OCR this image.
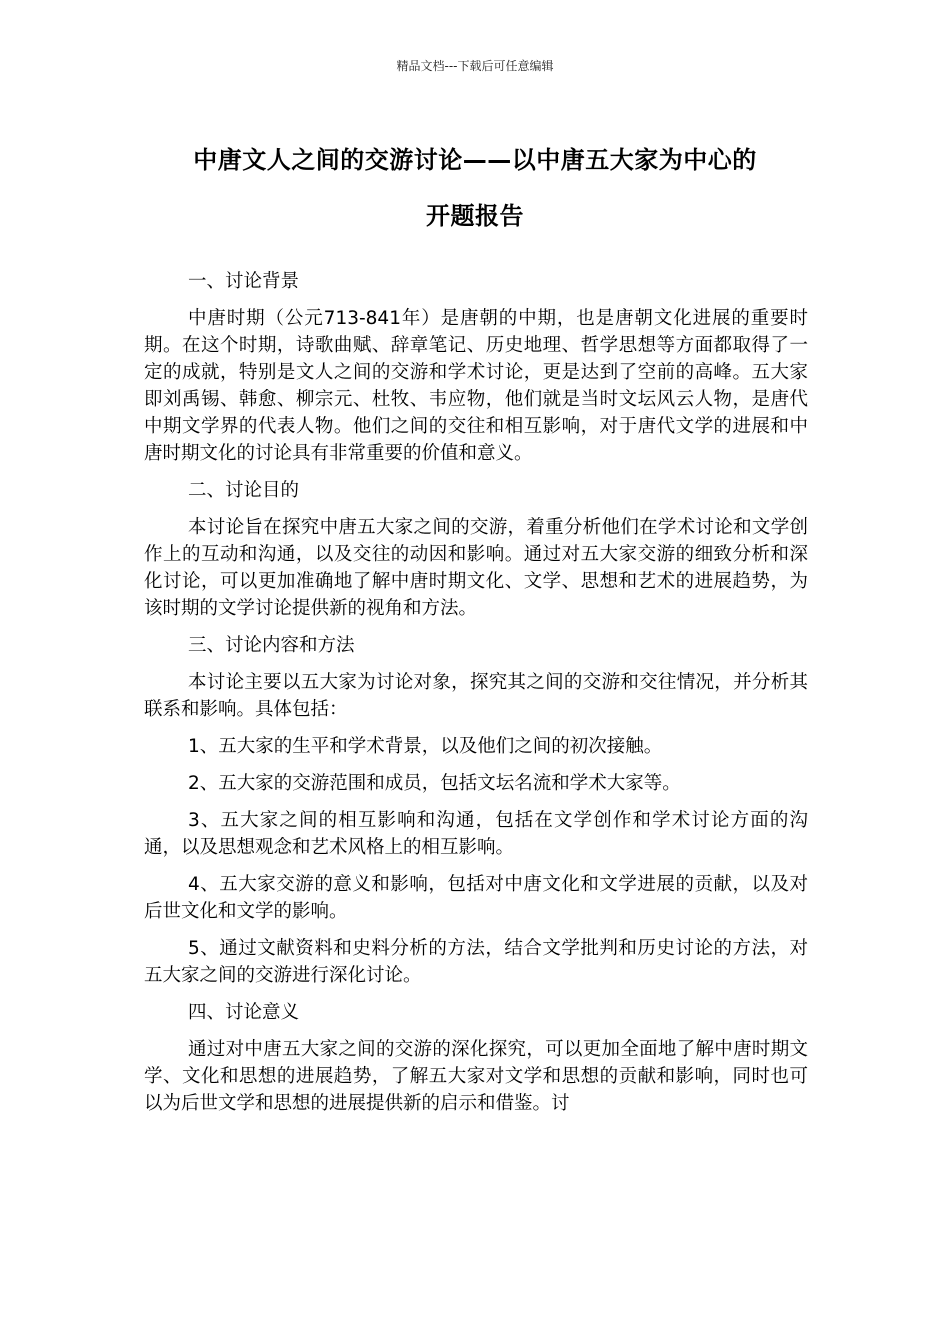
精品文档---下载后可任意编辑
中唐文人之间的交游讨论——以中唐五大家为中心的
开题报告
一、讨论背景

中唐时期（公元713-841年）是唐朝的中期，也是唐朝文化进展的重要时期。在这个时期，诗歌曲赋、辞章笔记、历史地理、哲学思想等方面都取得了一定的成就，特别是文人之间的交游和学术讨论，更是达到了空前的高峰。五大家即刘禹锡、韩愈、柳宗元、杜牧、韦应物，他们就是当时文坛风云人物，是唐代中期文学界的代表人物。他们之间的交往和相互影响，对于唐代文学的进展和中唐时期文化的讨论具有非常重要的价值和意义。

二、讨论目的

本讨论旨在探究中唐五大家之间的交游，着重分析他们在学术讨论和文学创作上的互动和沟通，以及交往的动因和影响。通过对五大家交游的细致分析和深化讨论，可以更加准确地了解中唐时期文化、文学、思想和艺术的进展趋势，为该时期的文学讨论提供新的视角和方法。

三、讨论内容和方法

本讨论主要以五大家为讨论对象，探究其之间的交游和交往情况，并分析其联系和影响。具体包括：

1、五大家的生平和学术背景，以及他们之间的初次接触。

2、五大家的交游范围和成员，包括文坛名流和学术大家等。

3、五大家之间的相互影响和沟通，包括在文学创作和学术讨论方面的沟通，以及思想观念和艺术风格上的相互影响。

4、五大家交游的意义和影响，包括对中唐文化和文学进展的贡献，以及对后世文化和文学的影响。

5、通过文献资料和史料分析的方法，结合文学批判和历史讨论的方法，对五大家之间的交游进行深化讨论。

四、讨论意义

通过对中唐五大家之间的交游的深化探究，可以更加全面地了解中唐时期文学、文化和思想的进展趋势，了解五大家对文学和思想的贡献和影响，同时也可以为后世文学和思想的进展提供新的启示和借鉴。讨
